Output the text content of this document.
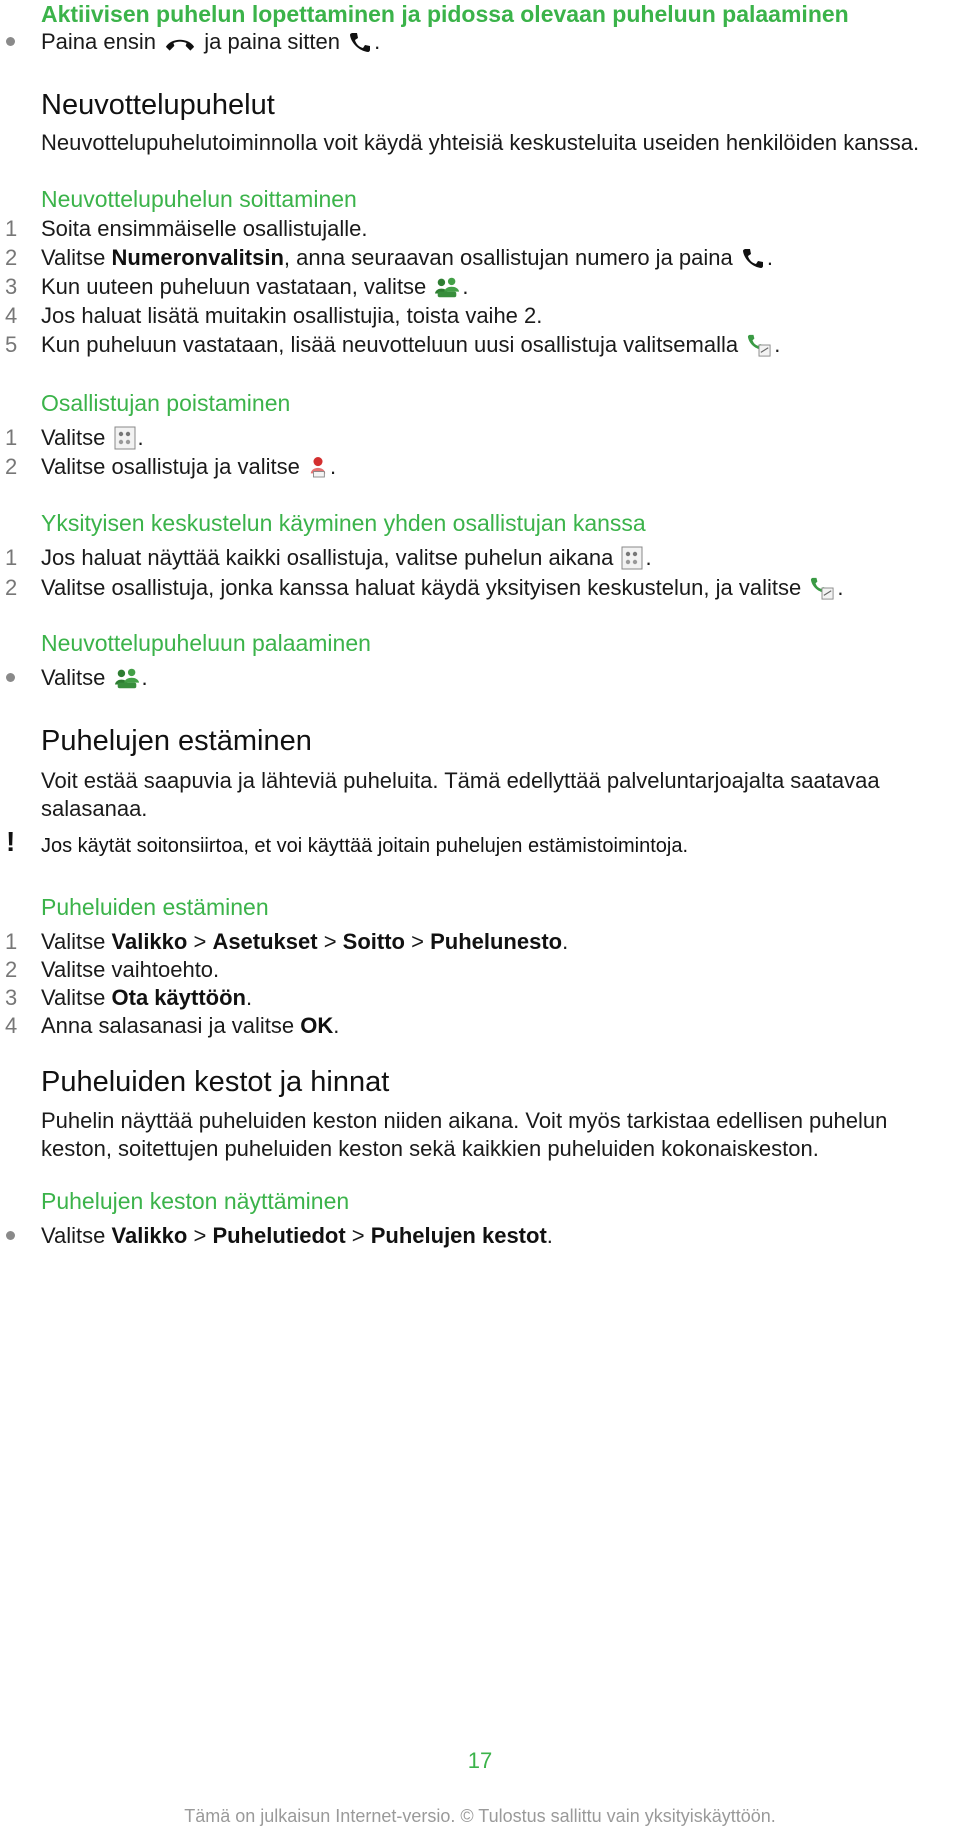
Aktiivisen puhelun lopettaminen ja pidossa olevaan puheluun palaaminen
Paina ensin ja paina sitten .
Neuvottelupuhelut
Neuvottelupuhelutoiminnolla voit käydä yhteisiä keskusteluita useiden henkilöiden kanssa.
Neuvottelupuhelun soittaminen
1 Soita ensimmäiselle osallistujalle.
2 Valitse Numeronvalitsin, anna seuraavan osallistujan numero ja paina .
3 Kun uuteen puheluun vastataan, valitse .
4 Jos haluat lisätä muitakin osallistujia, toista vaihe 2.
5 Kun puheluun vastataan, lisää neuvotteluun uusi osallistuja valitsemalla .
Osallistujan poistaminen
1 Valitse .
2 Valitse osallistuja ja valitse .
Yksityisen keskustelun käyminen yhden osallistujan kanssa
1 Jos haluat näyttää kaikki osallistuja, valitse puhelun aikana .
2 Valitse osallistuja, jonka kanssa haluat käydä yksityisen keskustelun, ja valitse .
Neuvottelupuheluun palaaminen
Valitse .
Puhelujen estäminen
Voit estää saapuvia ja lähteviä puheluita. Tämä edellyttää palveluntarjoajalta saatavaa salasanaa.
! Jos käytät soitonsiirtoa, et voi käyttää joitain puhelujen estämistoimintoja.
Puheluiden estäminen
1 Valitse Valikko > Asetukset > Soitto > Puhelunesto.
2 Valitse vaihtoehto.
3 Valitse Ota käyttöön.
4 Anna salasanasi ja valitse OK.
Puheluiden kestot ja hinnat
Puhelin näyttää puheluiden keston niiden aikana. Voit myös tarkistaa edellisen puhelun keston, soitettujen puheluiden keston sekä kaikkien puheluiden kokonaiskeston.
Puhelujen keston näyttäminen
Valitse Valikko > Puhelutiedot > Puhelujen kestot.
17
Tämä on julkaisun Internet-versio. © Tulostus sallittu vain yksityiskäyttöön.
